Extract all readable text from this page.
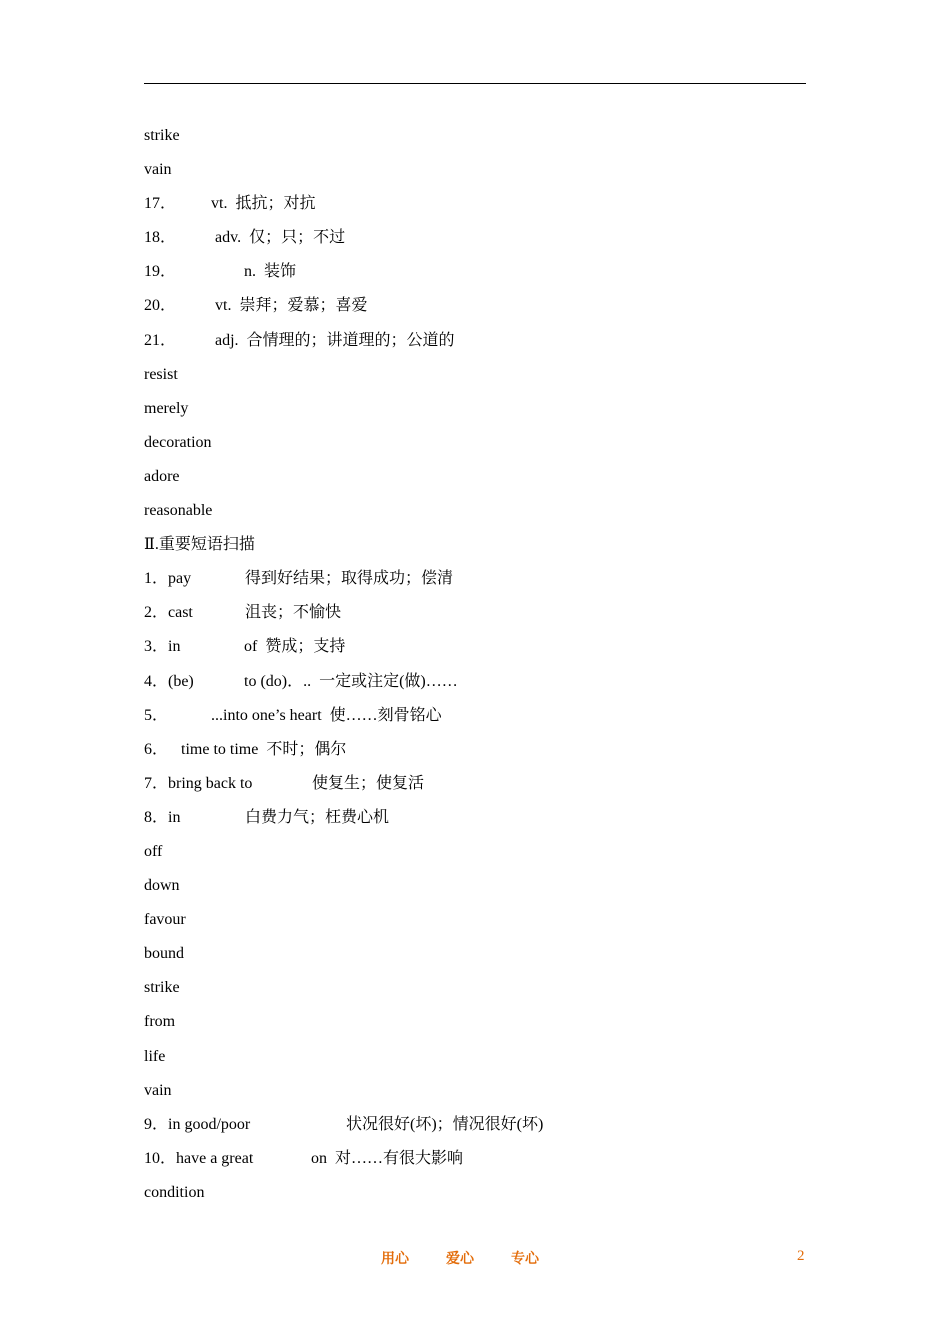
strike
vain
17． vt.  抵抗；对抗
18． adv.  仅；只；不过
19．	n.  装饰
20． vt.  崇拜；爱慕；喜爱
21． adj.  合情理的；讲道理的；公道的
resist
merely
decoration
adore
reasonable
Ⅱ.重要短语扫描
1．pay	得到好结果；取得成功；偿清
2．cast	沮丧；不愉快
3．in	of  赞成；支持
4．(be)	to (do)．..  一定或注定(做)……
5．	...into one’s heart  使……刻骨铭心
6． time to time  不时；偶尔
7．bring back to	使复生；使复活
8．in	白费力气；枉费心机
off
down
favour
bound
strike
from
life
vain
9．in good/poor	状况很好(坏)；情况很好(坏)
10．have a great	on  对……有很大影响
condition
用心	爱心	专心	2
